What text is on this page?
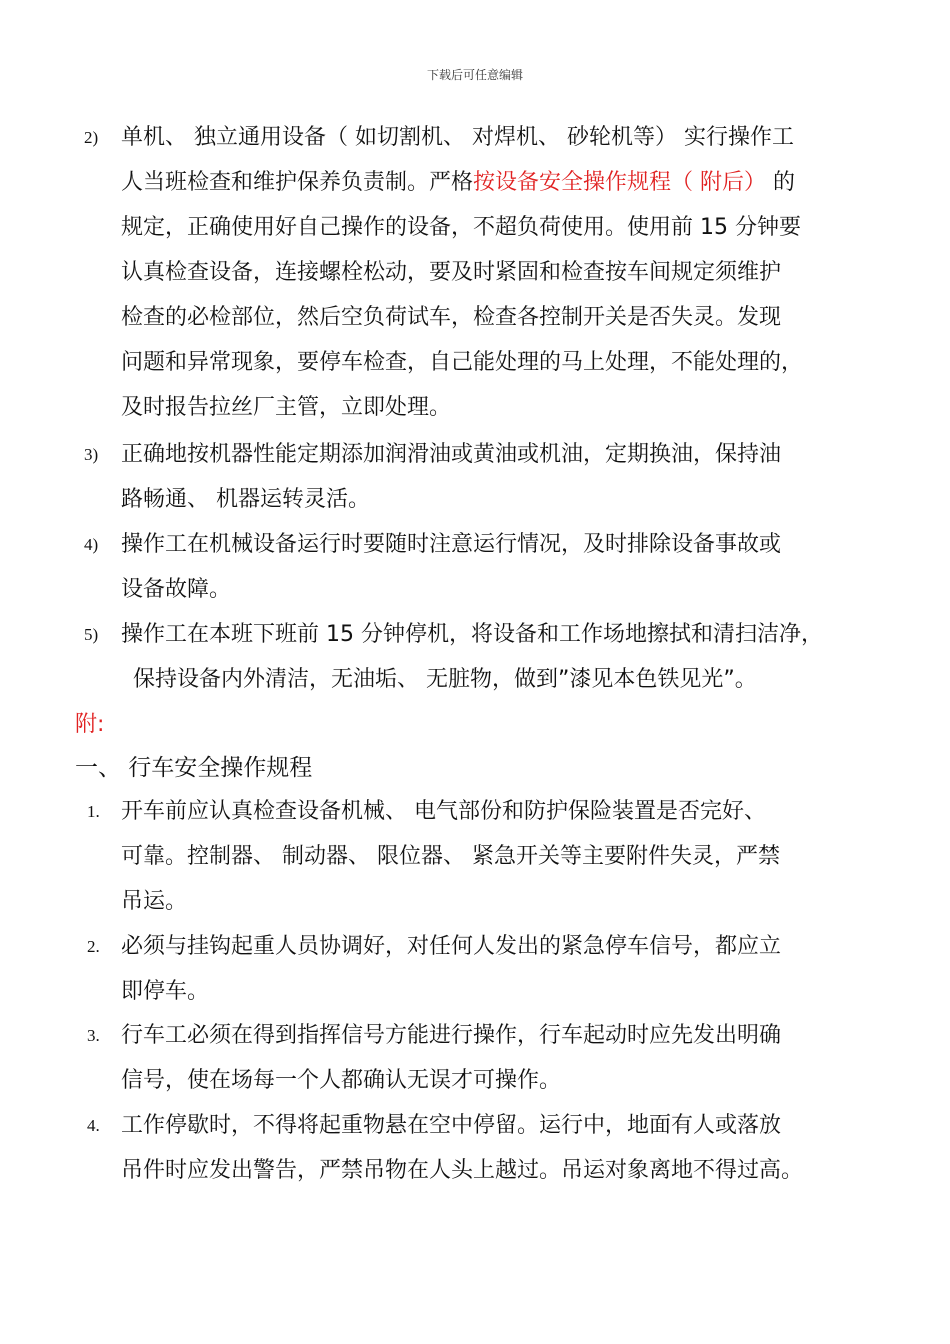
下载后可任意编辑
2) 单机、 独立通用设备（ 如切割机、 对焊机、 砂轮机等） 实行操作工
人当班检查和维护保养负责制。严格按设备安全操作规程（ 附后） 的
规定，正确使用好自己操作的设备，不超负荷使用。使用前 15 分钟要
认真检查设备，连接螺栓松动，要及时紧固和检查按车间规定须维护
检查的必检部位，然后空负荷试车，检查各控制开关是否失灵。发现
问题和异常现象，要停车检查，自己能处理的马上处理，不能处理的，
及时报告拉丝厂主管，立即处理。
3) 正确地按机器性能定期添加润滑油或黄油或机油，定期换油，保持油
路畅通、 机器运转灵活。
4) 操作工在机械设备运行时要随时注意运行情况，及时排除设备事故或
设备故障。
5) 操作工在本班下班前 15 分钟停机，将设备和工作场地擦拭和清扫洁净，
保持设备内外清洁，无油垢、 无脏物，做到”漆见本色铁见光”。
附:
一、 行车安全操作规程
1. 开车前应认真检查设备机械、 电气部份和防护保险装置是否完好、
可靠。控制器、 制动器、 限位器、 紧急开关等主要附件失灵，严禁
吊运。
2. 必须与挂钩起重人员协调好，对任何人发出的紧急停车信号，都应立
即停车。
3. 行车工必须在得到指挥信号方能进行操作，行车起动时应先发出明确
信号，使在场每一个人都确认无误才可操作。
4. 工作停歇时，不得将起重物悬在空中停留。运行中，地面有人或落放
吊件时应发出警告，严禁吊物在人头上越过。吊运对象离地不得过高。
